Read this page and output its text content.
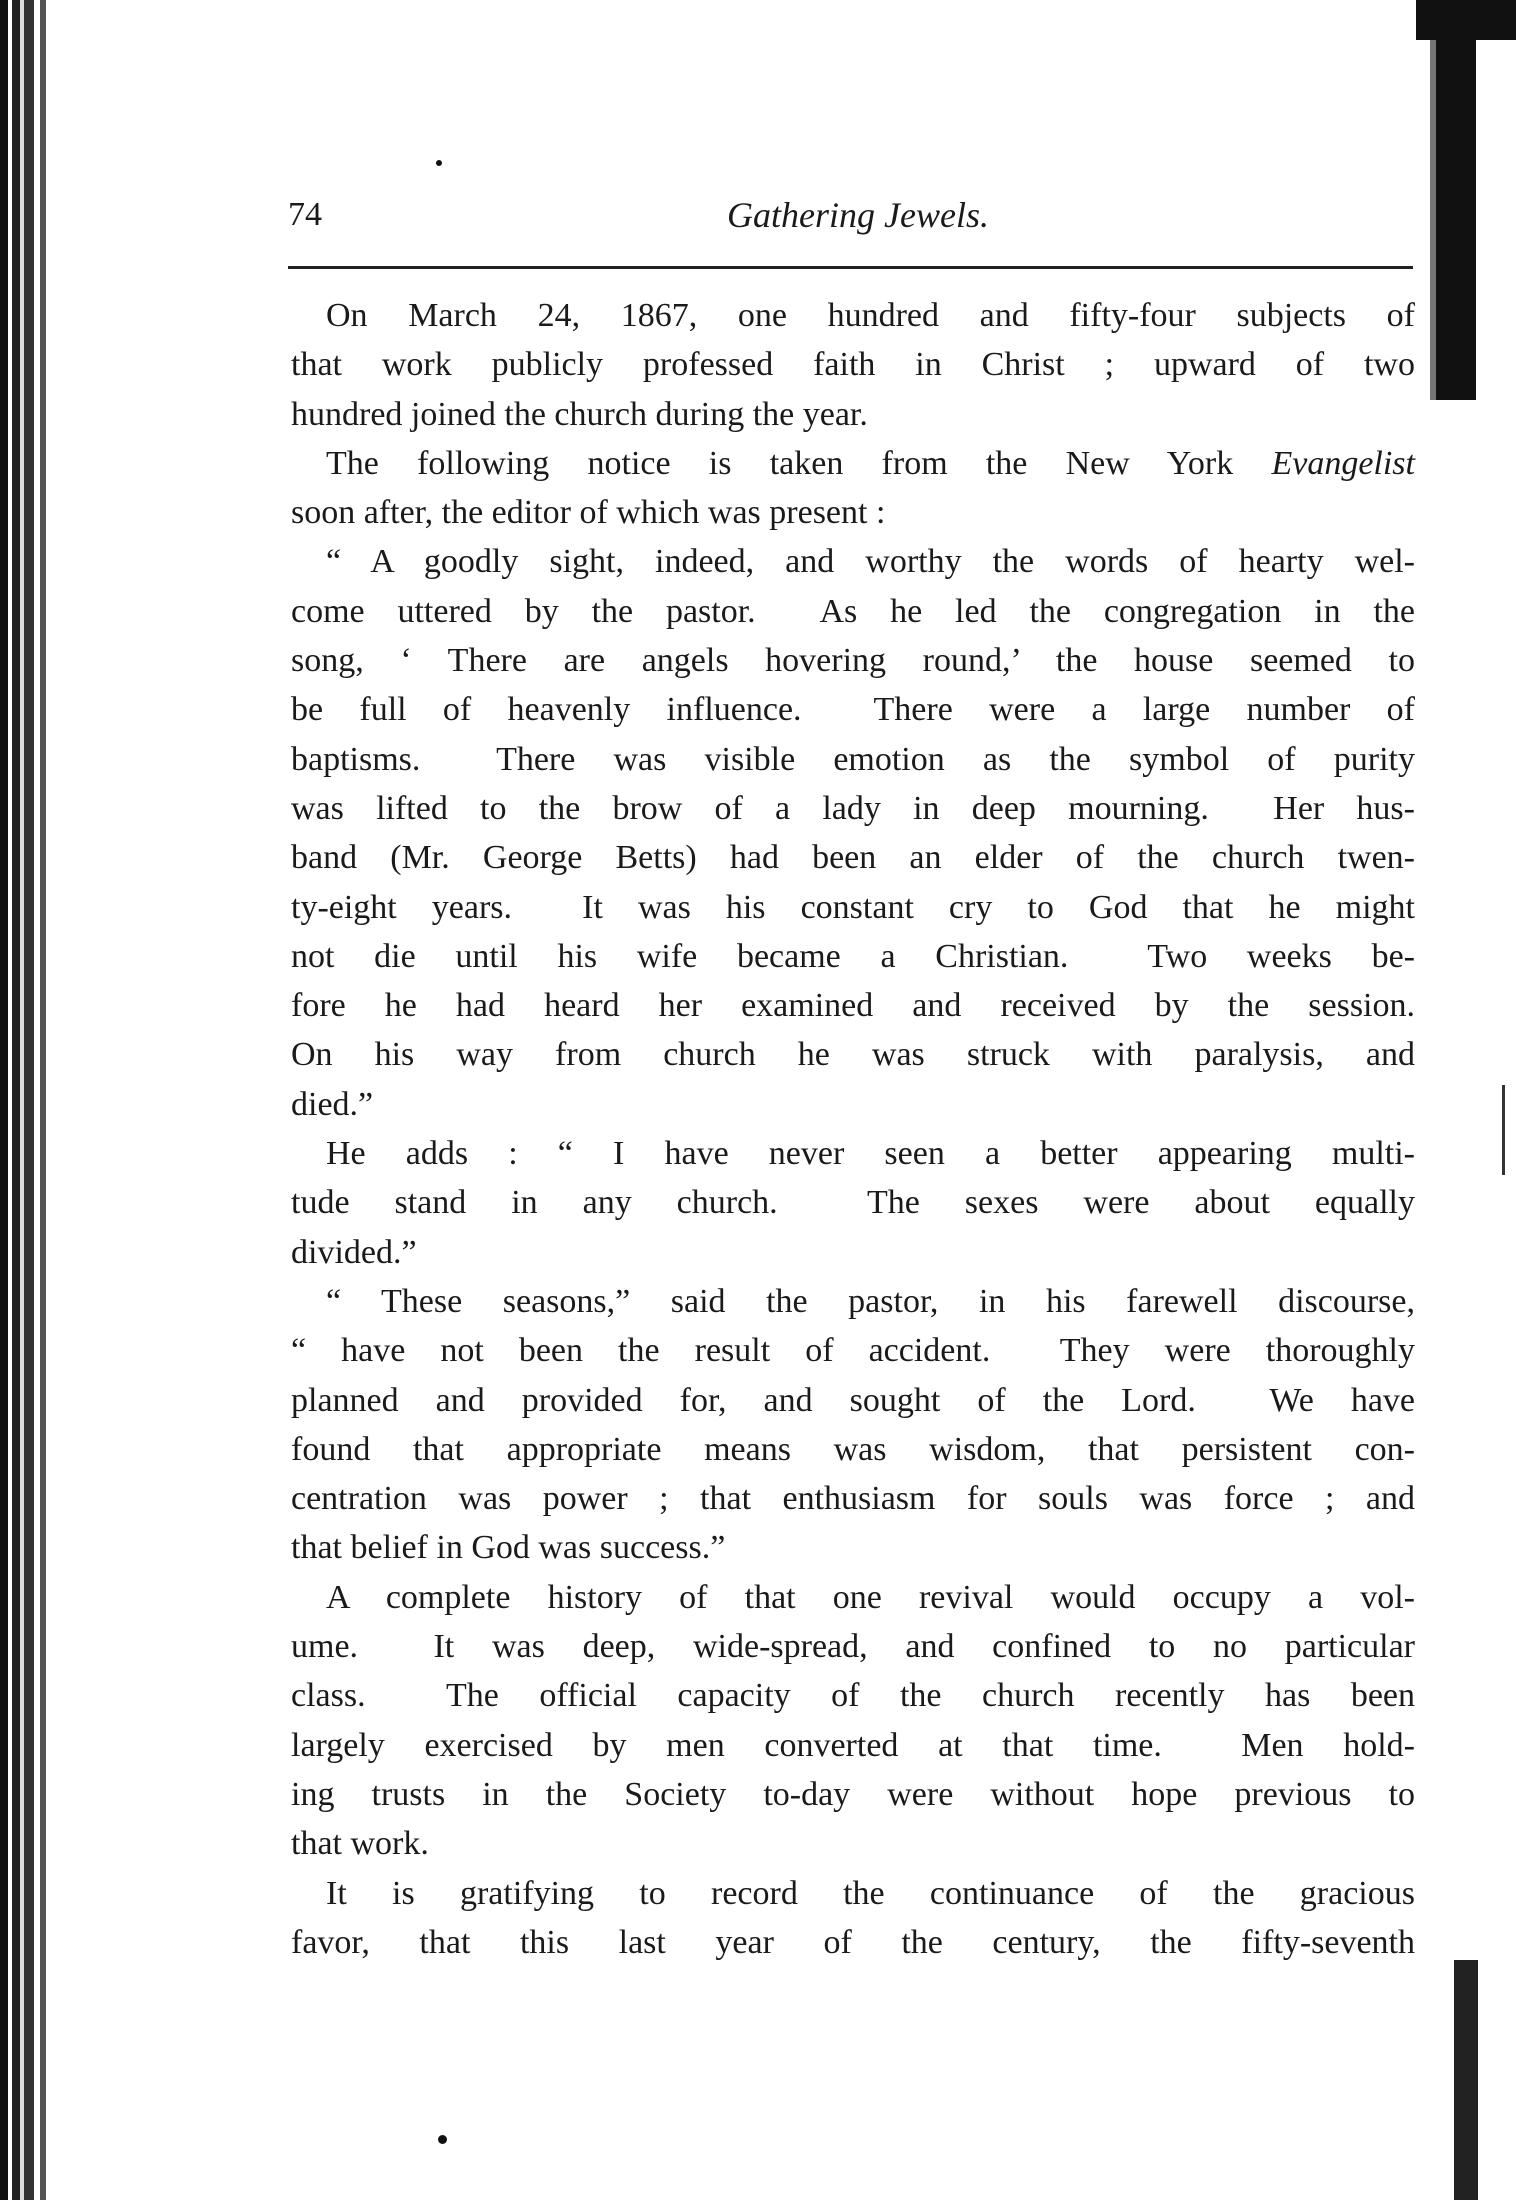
74	Gathering Jewels.
On March 24, 1867, one hundred and fifty-four subjects of
that work publicly professed faith in Christ ; upward of two
hundred joined the church during the year.
The following notice is taken from the New York Evangelist
soon after, the editor of which was present :
“ A goodly sight, indeed, and worthy the words of hearty wel-
come uttered by the pastor.  As he led the congregation in the
song, ‘ There are angels hovering round,’ the house seemed to
be full of heavenly influence.  There were a large number of
baptisms.  There was visible emotion as the symbol of purity
was lifted to the brow of a lady in deep mourning.  Her hus-
band (Mr. George Betts) had been an elder of the church twen-
ty-eight years.  It was his constant cry to God that he might
not die until his wife became a Christian.  Two weeks be-
fore he had heard her examined and received by the session.
On his way from church he was struck with paralysis, and
died.”
He adds : “ I have never seen a better appearing multi-
tude stand in any church.  The sexes were about equally
divided.”
“ These seasons,” said the pastor, in his farewell discourse,
“ have not been the result of accident.  They were thoroughly
planned and provided for, and sought of the Lord.  We have
found that appropriate means was wisdom, that persistent con-
centration was power ; that enthusiasm for souls was force ; and
that belief in God was success.”
A complete history of that one revival would occupy a vol-
ume.  It was deep, wide-spread, and confined to no particular
class.  The official capacity of the church recently has been
largely exercised by men converted at that time.  Men hold-
ing trusts in the Society to-day were without hope previous to
that work.
It is gratifying to record the continuance of the gracious
favor, that this last year of the century, the fifty-seventh
